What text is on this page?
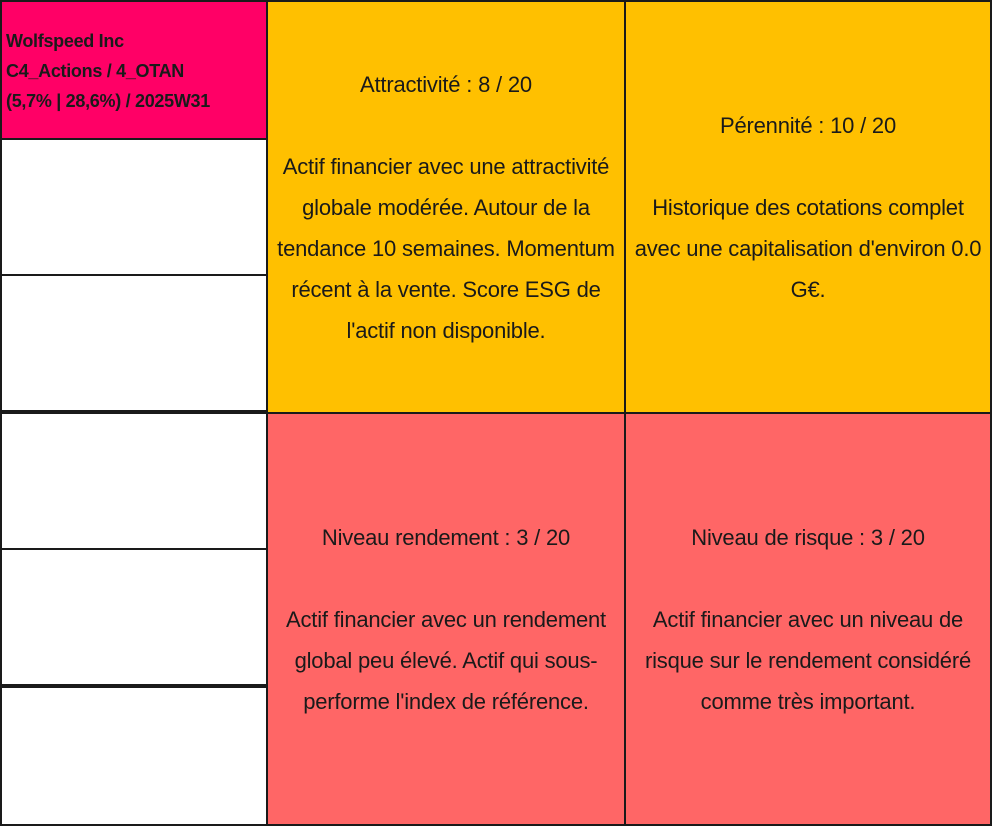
Wolfspeed Inc
C4_Actions / 4_OTAN
(5,7% | 28,6%) / 2025W31
Attractivité : 8 / 20
Actif financier avec une attractivité globale modérée. Autour de la tendance 10 semaines. Momentum récent à la vente. Score ESG de l'actif non disponible.
Pérennité : 10 / 20
Historique des cotations complet avec une capitalisation d'environ 0.0 G€.
Niveau rendement : 3 / 20
Actif financier avec un rendement global peu élevé. Actif qui sous-performe l'index de référence.
Niveau de risque : 3 / 20
Actif financier avec un niveau de risque sur le rendement considéré comme très important.
